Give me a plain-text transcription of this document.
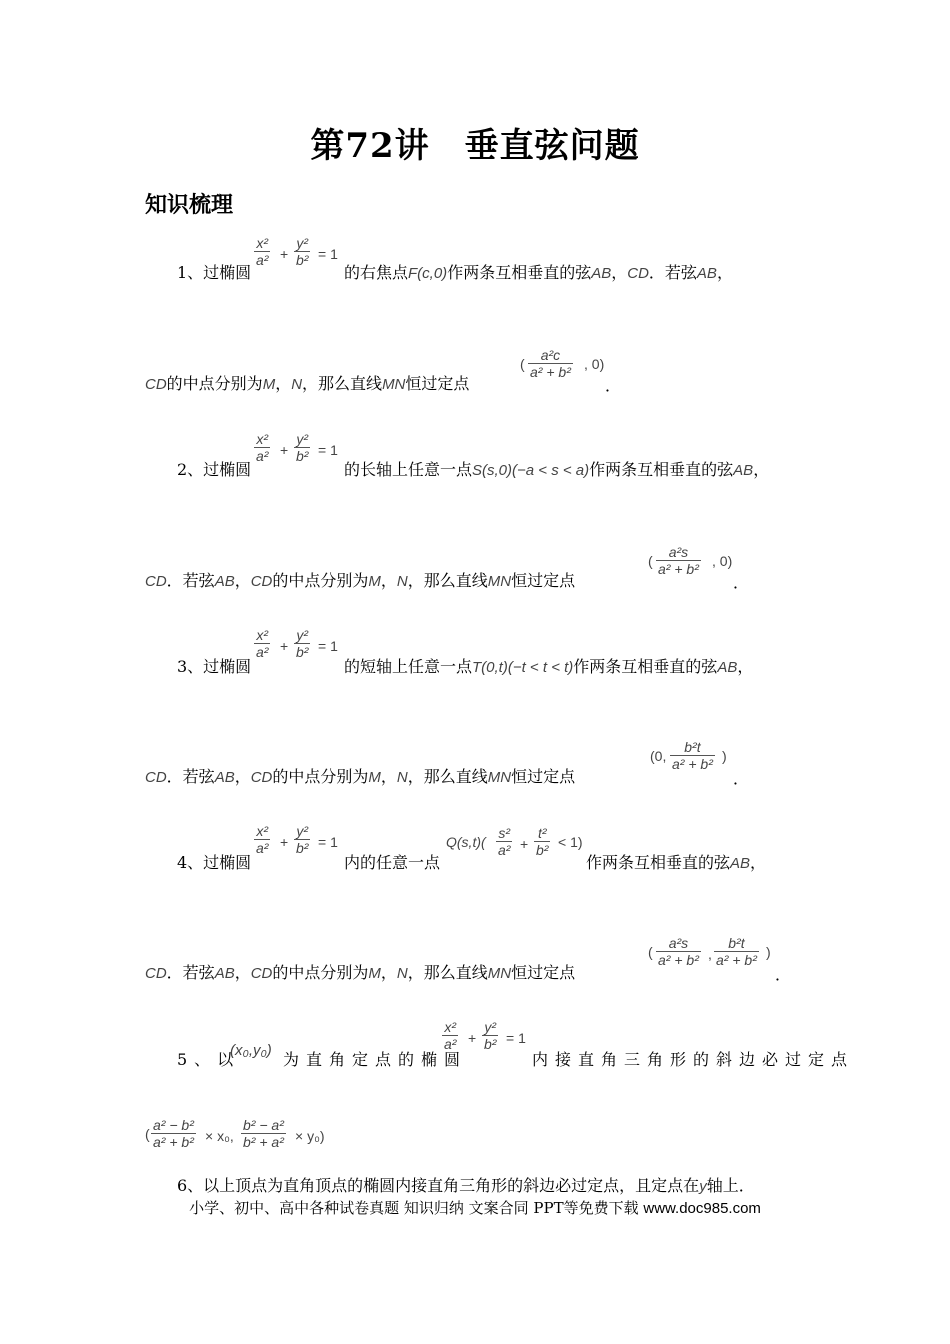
第72讲　垂直弦问题
知识梳理
1、过椭圆
$\frac{\text{x²}}{\text{a²}} + \frac{\text{y²}}{\text{b²}} = 1$
的右焦点F(c,0)作两条互相垂直的弦AB，CD．若弦AB，
CD的中点分别为M，N，那么直线MN恒过定点
( $\frac{\text{a²c}}{\text{a² + b²}}$ , 0)
．
2、过椭圆
$\frac{\text{x²}}{\text{a²}} + \frac{\text{y²}}{\text{b²}} = 1$
的长轴上任意一点S(s,0)(−a < s < a)作两条互相垂直的弦AB，
CD．若弦AB，CD的中点分别为M，N，那么直线MN恒过定点
( $\frac{\text{a²s}}{\text{a² + b²}}$ , 0)
．
3、过椭圆
$\frac{\text{x²}}{\text{a²}} + \frac{\text{y²}}{\text{b²}} = 1$
的短轴上任意一点T(0,t)(−t < t < t)作两条互相垂直的弦AB，
CD．若弦AB，CD的中点分别为M，N，那么直线MN恒过定点
(0, $\frac{\text{b²t}}{\text{a² + b²}}$ )
．
4、过椭圆
$\frac{\text{x²}}{\text{a²}} + \frac{\text{y²}}{\text{b²}} = 1$
内的任意一点
$Q(s,t)( \frac{\text{s²}}{\text{a²}} + \frac{\text{t²}}{\text{b²}} < 1)$
作两条互相垂直的弦AB，
CD．若弦AB，CD的中点分别为M，N，那么直线MN恒过定点
( $\frac{\text{a²s}}{\text{a² + b²}}$ , $\frac{\text{b²t}}{\text{a² + b²}}$ )
．
5、以
(x₀,y₀) 为直角定点的椭圆
$\frac{\text{x²}}{\text{a²}} + \frac{\text{y²}}{\text{b²}} = 1$
内接直角三角形的斜边必过定点
( $\frac{\text{a² − b²}}{\text{a² + b²}} \times x_0$, $\frac{\text{b² − a²}}{\text{b² + a²}} \times y_0$)
6、以上顶点为直角顶点的椭圆内接直角三角形的斜边必过定点，且定点在y轴上．
小学、初中、高中各种试卷真题 知识归纳 文案合同 PPT等免费下载 www.doc985.com
